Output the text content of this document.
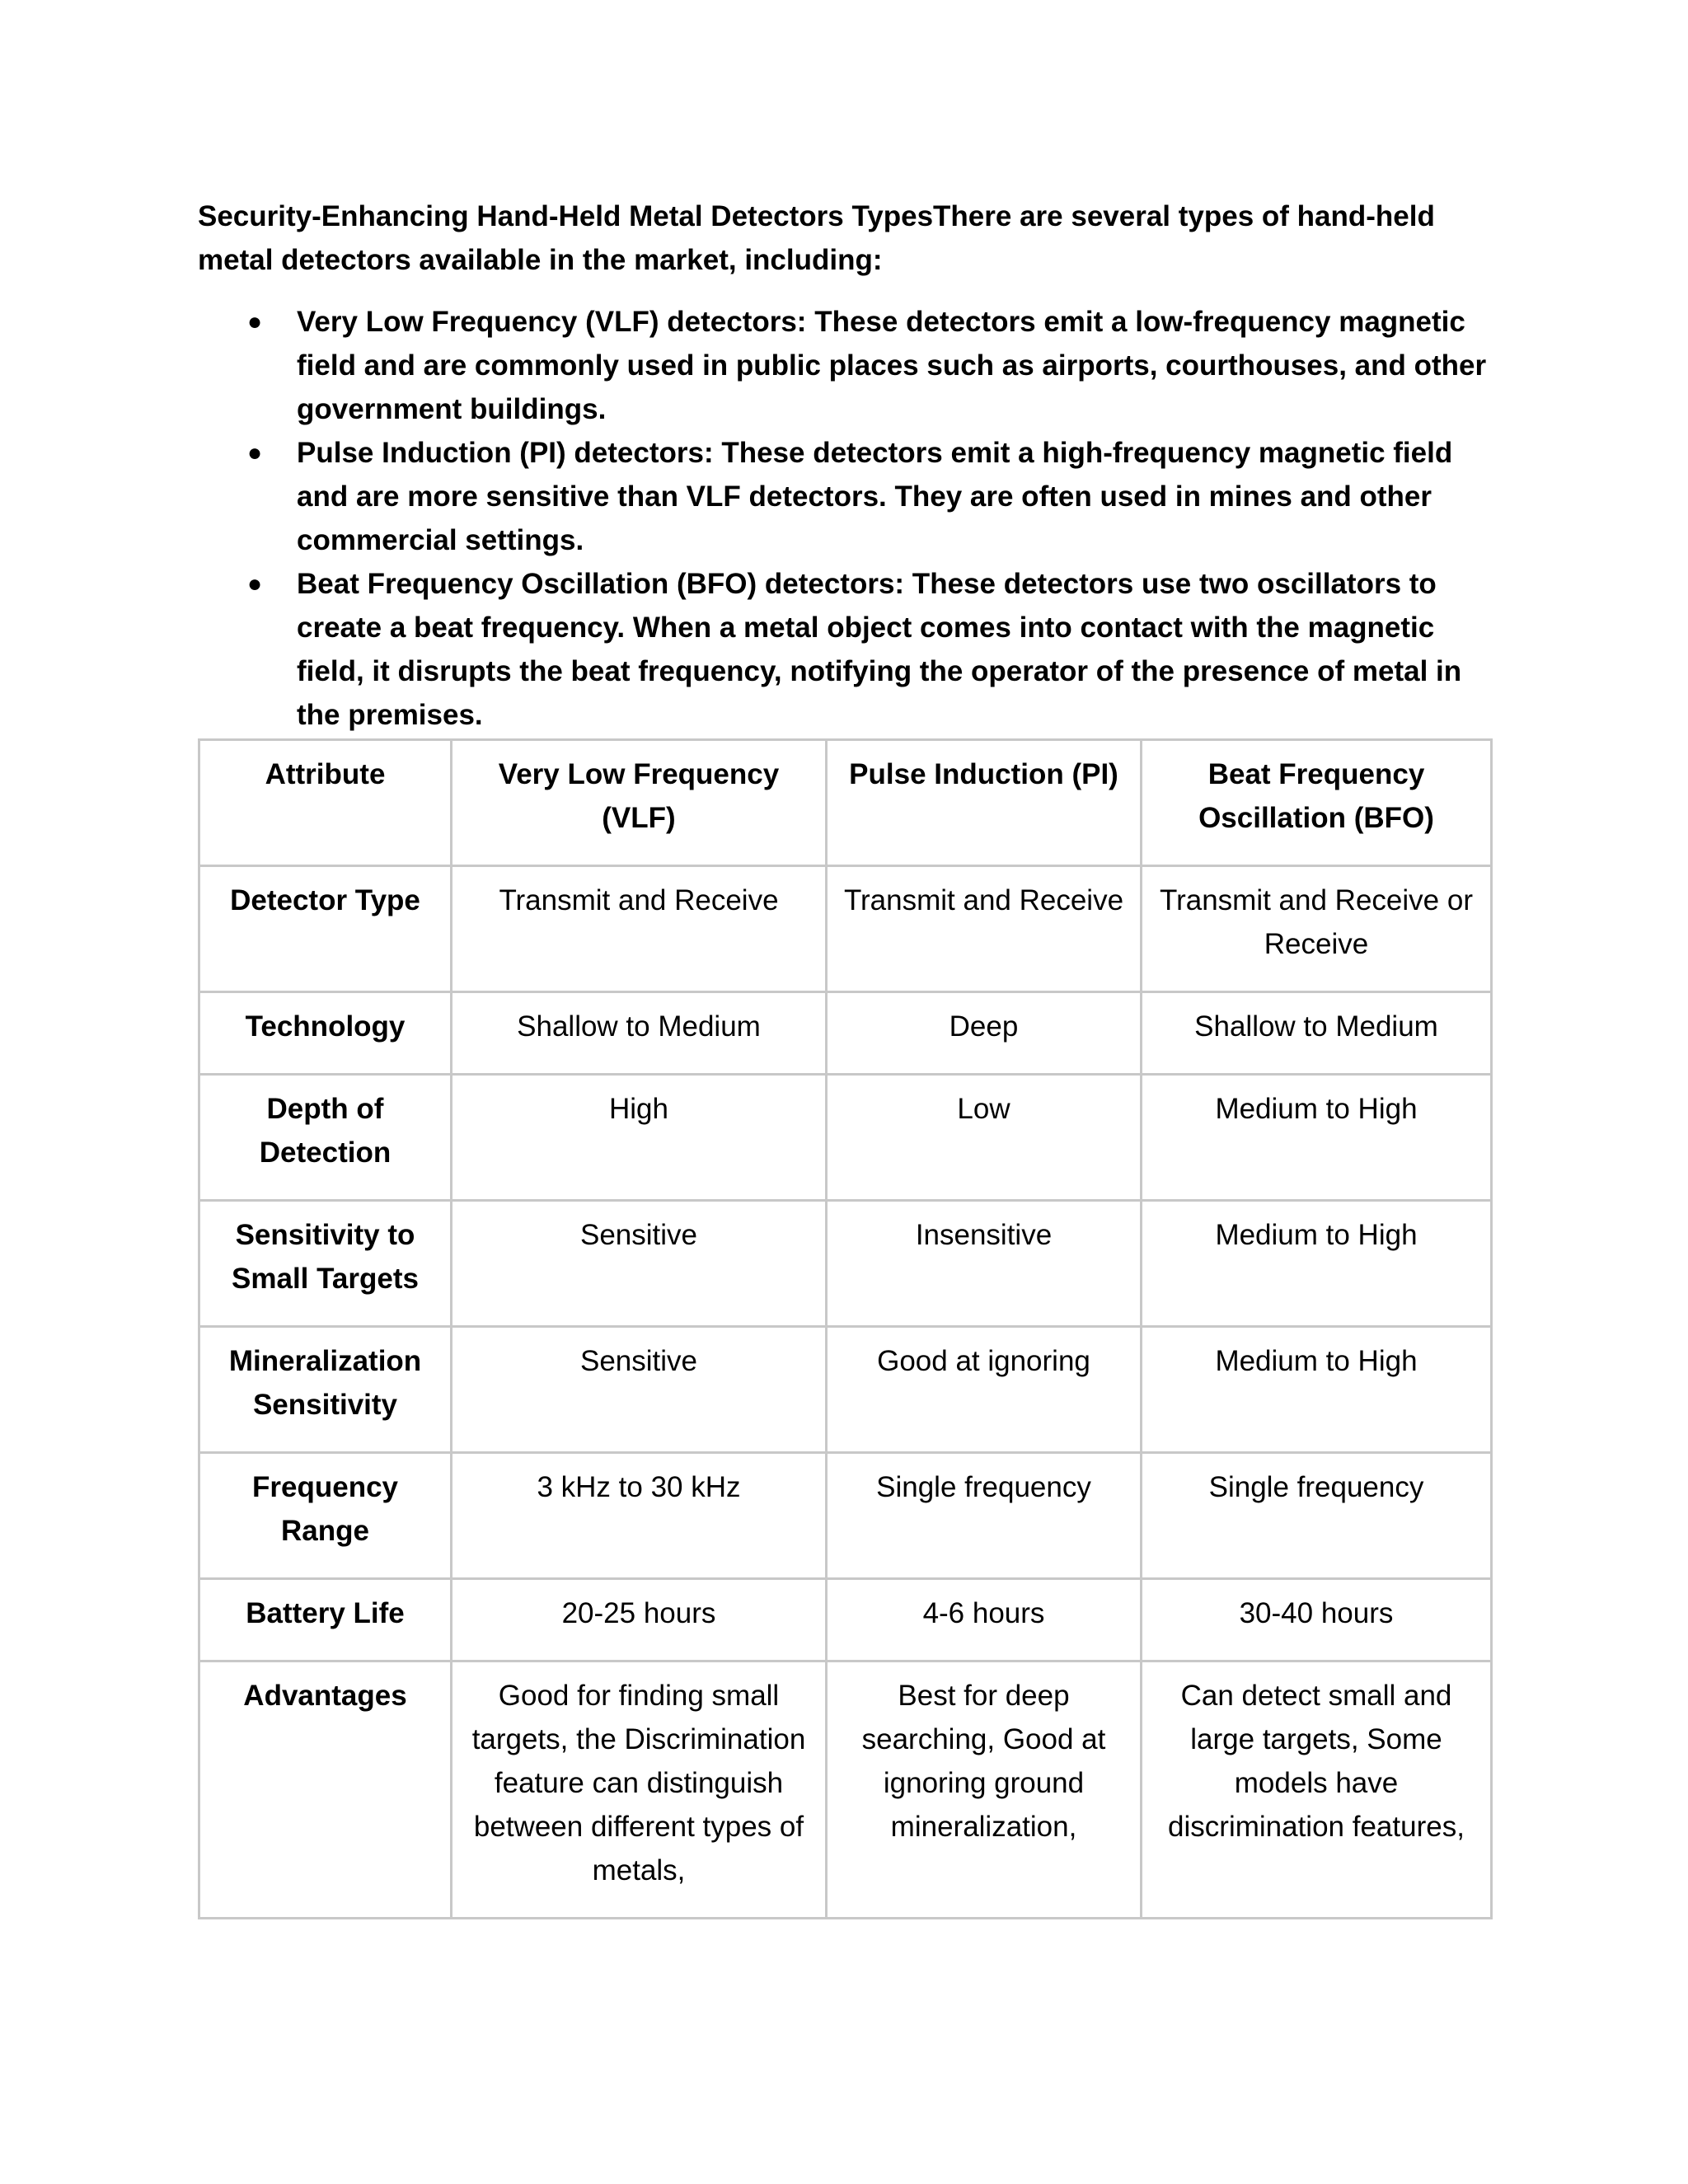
Security-Enhancing Hand-Held Metal Detectors TypesThere are several types of hand-held metal detectors available in the market, including:

● Very Low Frequency (VLF) detectors: These detectors emit a low-frequency magnetic field and are commonly used in public places such as airports, courthouses, and other government buildings.
● Pulse Induction (PI) detectors: These detectors emit a high-frequency magnetic field and are more sensitive than VLF detectors. They are often used in mines and other commercial settings.
● Beat Frequency Oscillation (BFO) detectors: These detectors use two oscillators to create a beat frequency. When a metal object comes into contact with the magnetic field, it disrupts the beat frequency, notifying the operator of the presence of metal in the premises.
Attribute	Very Low Frequency (VLF)	Pulse Induction (PI)	Beat Frequency Oscillation (BFO)
Detector Type	Transmit and Receive	Transmit and Receive	Transmit and Receive or Receive
Technology	Shallow to Medium	Deep	Shallow to Medium
Depth of Detection	High	Low	Medium to High
Sensitivity to Small Targets	Sensitive	Insensitive	Medium to High
Mineralization Sensitivity	Sensitive	Good at ignoring	Medium to High
Frequency Range	3 kHz to 30 kHz	Single frequency	Single frequency
Battery Life	20-25 hours	4-6 hours	30-40 hours
Advantages	Good for finding small targets, the Discrimination feature can distinguish between different types of metals,	Best for deep searching, Good at ignoring ground mineralization,	Can detect small and large targets, Some models have discrimination features,
